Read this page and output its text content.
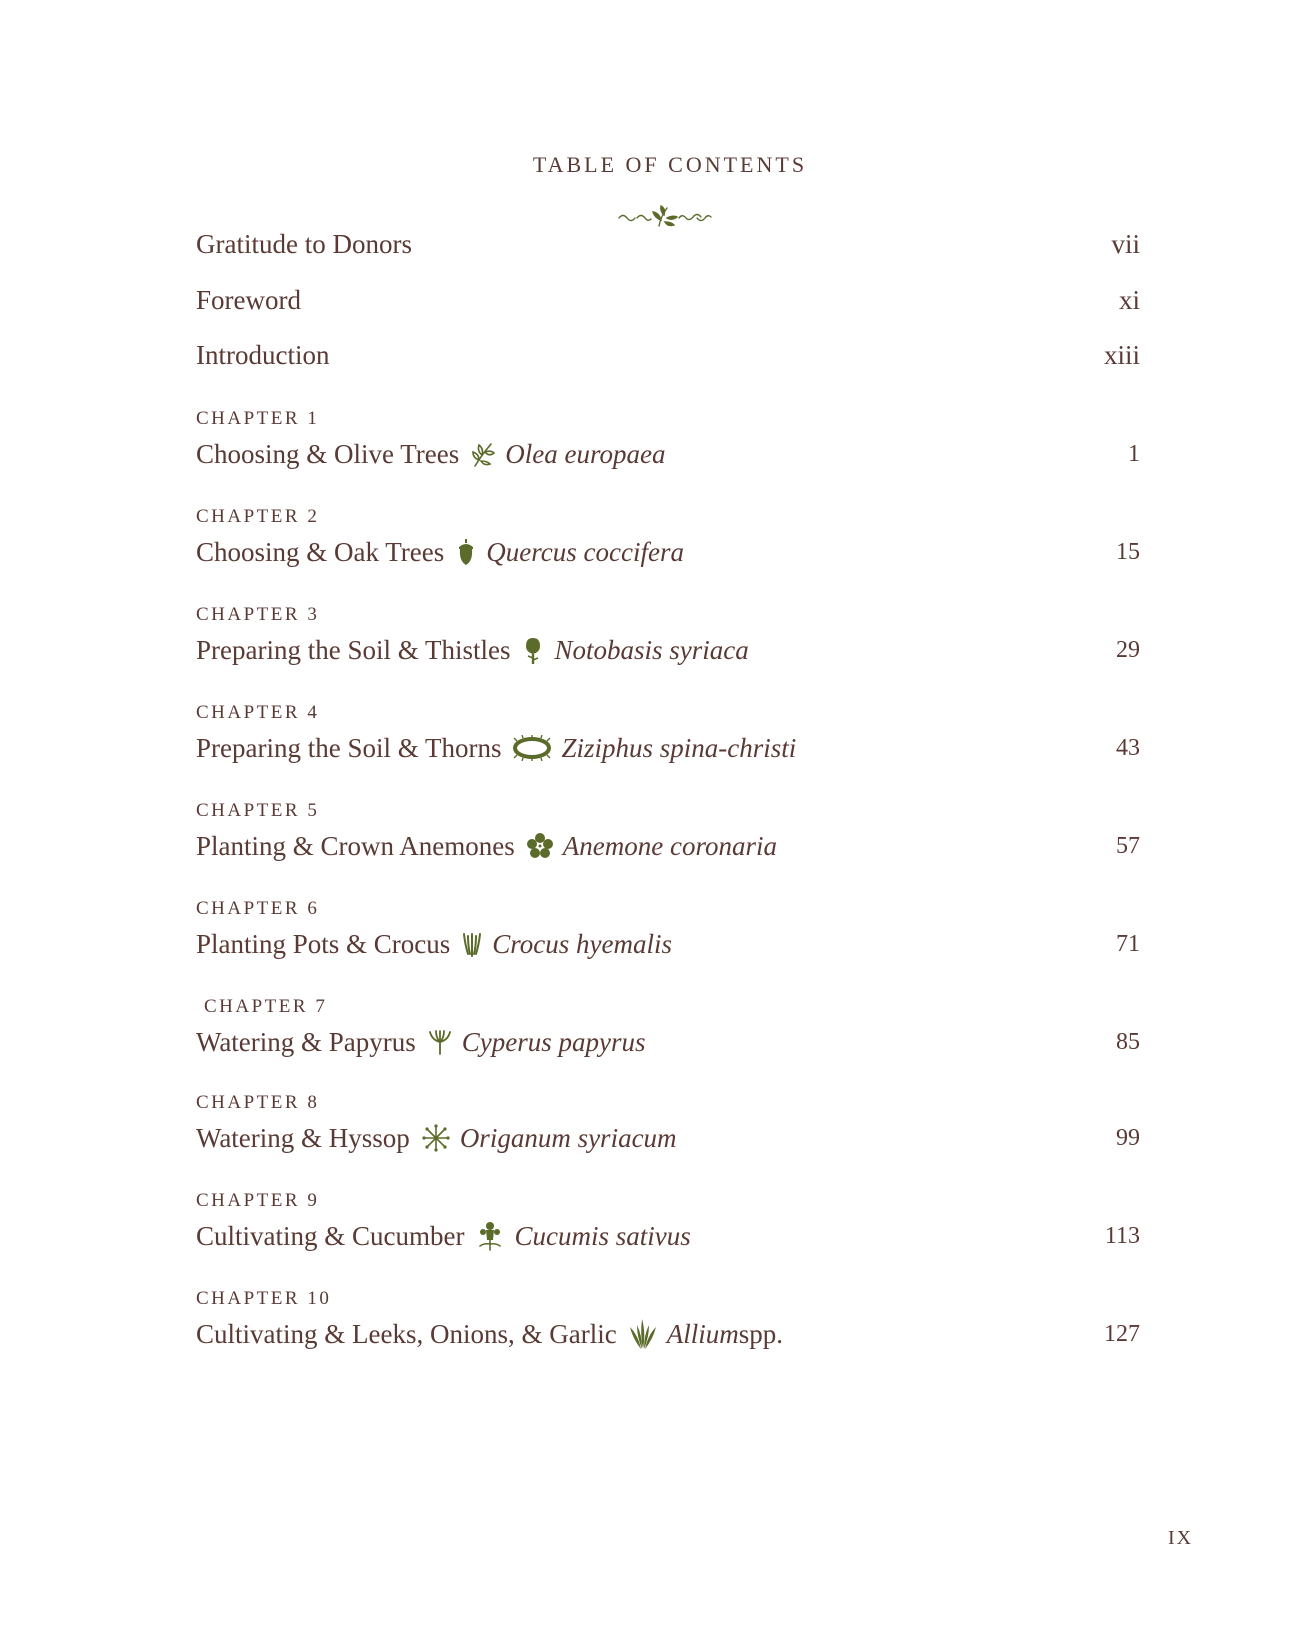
TABLE OF CONTENTS
Gratitude to Donors	vii
Foreword	xi
Introduction	xiii
CHAPTER 1
Choosing & Olive Trees Olea europaea	1
CHAPTER 2
Choosing & Oak Trees Quercus coccifera	15
CHAPTER 3
Preparing the Soil & Thistles Notobasis syriaca	29
CHAPTER 4
Preparing the Soil & Thorns Ziziphus spina-christi	43
CHAPTER 5
Planting & Crown Anemones Anemone coronaria	57
CHAPTER 6
Planting Pots & Crocus Crocus hyemalis	71
CHAPTER 7
Watering & Papyrus Cyperus papyrus	85
CHAPTER 8
Watering & Hyssop Origanum syriacum	99
CHAPTER 9
Cultivating & Cucumber Cucumis sativus	113
CHAPTER 10
Cultivating & Leeks, Onions, & Garlic Allium spp.	127
IX
